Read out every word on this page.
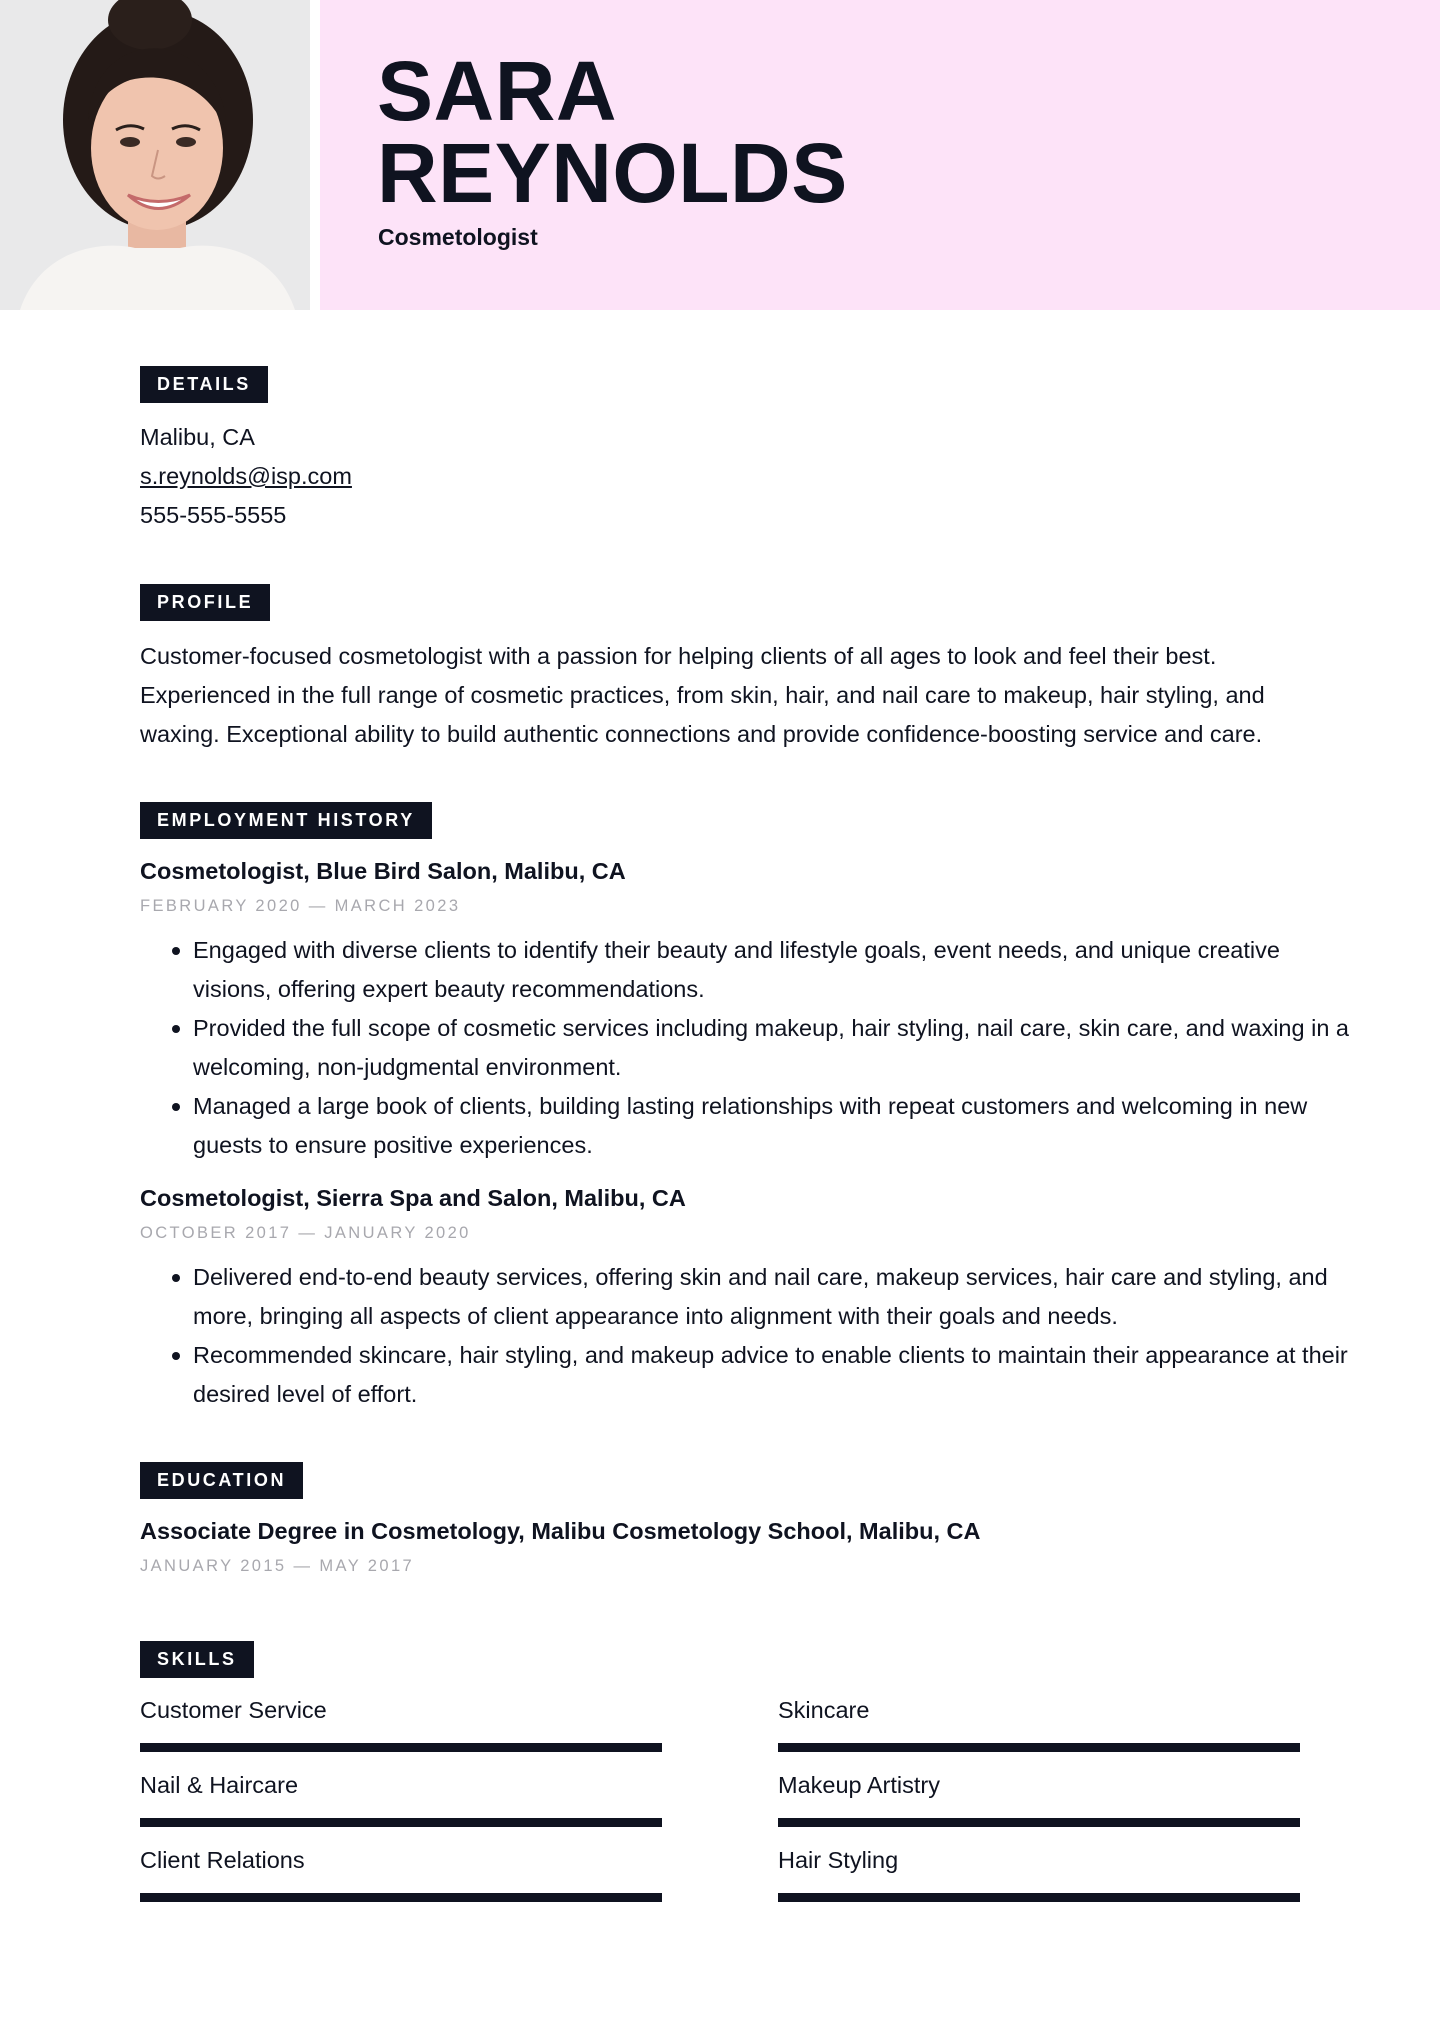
SARA
REYNOLDS
Cosmetologist
DETAILS
Malibu, CA
s.reynolds@isp.com
555-555-5555
PROFILE
Customer-focused cosmetologist with a passion for helping clients of all ages to look and feel their best. Experienced in the full range of cosmetic practices, from skin, hair, and nail care to makeup, hair styling, and waxing. Exceptional ability to build authentic connections and provide confidence-boosting service and care.
EMPLOYMENT HISTORY
Cosmetologist, Blue Bird Salon, Malibu, CA
FEBRUARY 2020 — MARCH 2023
Engaged with diverse clients to identify their beauty and lifestyle goals, event needs, and unique creative visions, offering expert beauty recommendations.
Provided the full scope of cosmetic services including makeup, hair styling, nail care, skin care, and waxing in a welcoming, non-judgmental environment.
Managed a large book of clients, building lasting relationships with repeat customers and welcoming in new guests to ensure positive experiences.
Cosmetologist, Sierra Spa and Salon, Malibu, CA
OCTOBER 2017 — JANUARY 2020
Delivered end-to-end beauty services, offering skin and nail care, makeup services, hair care and styling, and more, bringing all aspects of client appearance into alignment with their goals and needs.
Recommended skincare, hair styling, and makeup advice to enable clients to maintain their appearance at their desired level of effort.
EDUCATION
Associate Degree in Cosmetology, Malibu Cosmetology School, Malibu, CA
JANUARY 2015 — MAY 2017
SKILLS
Customer Service	Skincare
Nail & Haircare	Makeup Artistry
Client Relations	Hair Styling
